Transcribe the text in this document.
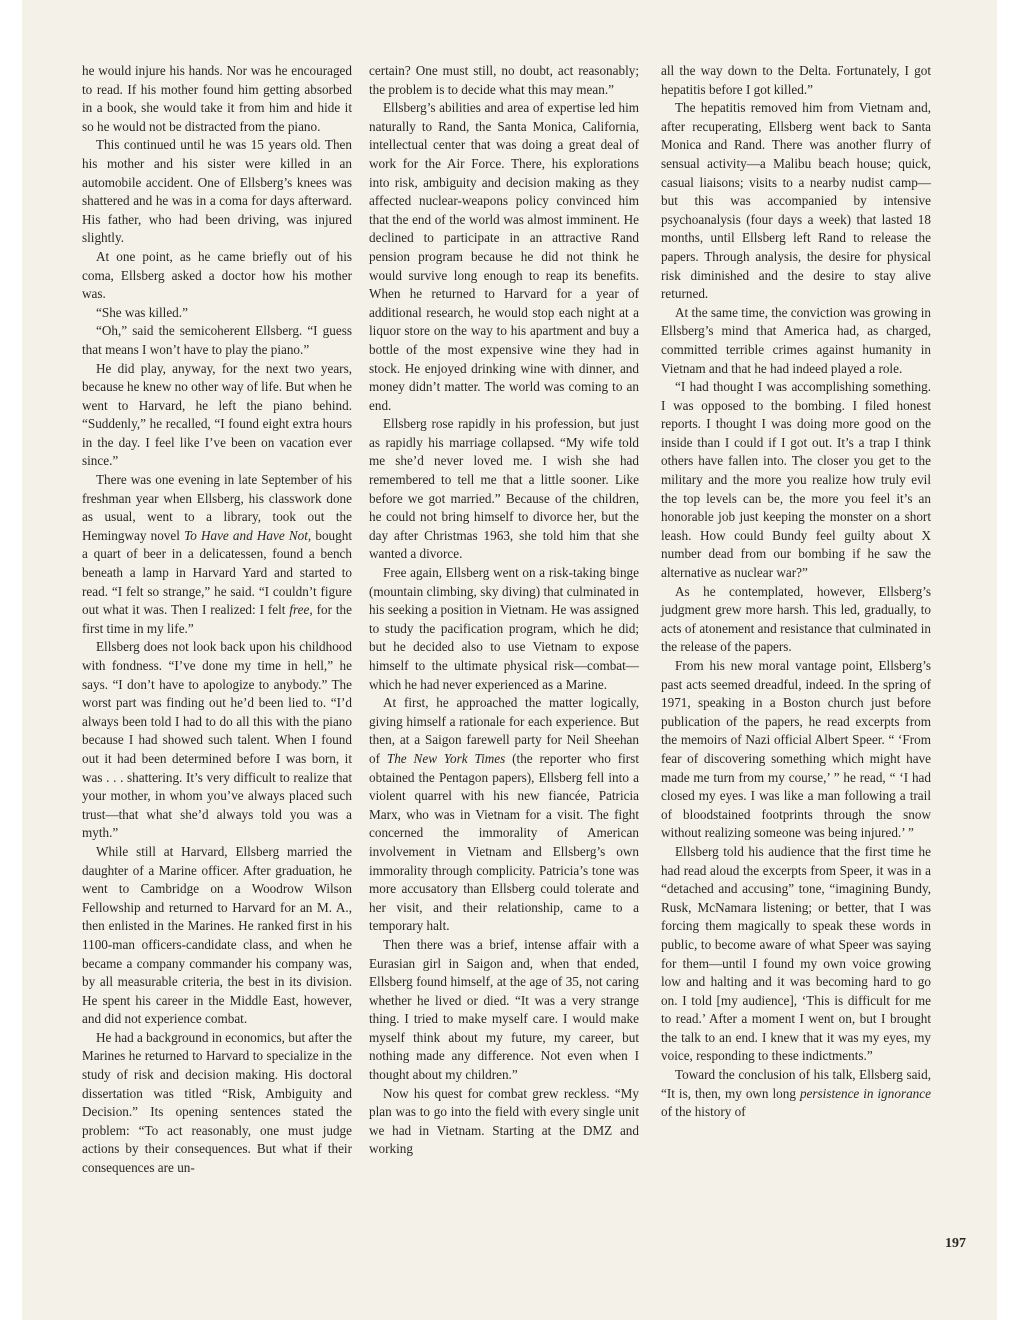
he would injure his hands. Nor was he encouraged to read. If his mother found him getting absorbed in a book, she would take it from him and hide it so he would not be distracted from the piano.

This continued until he was 15 years old. Then his mother and his sister were killed in an automobile accident. One of Ellsberg’s knees was shattered and he was in a coma for days afterward. His father, who had been driving, was injured slightly.

At one point, as he came briefly out of his coma, Ellsberg asked a doctor how his mother was.

“She was killed.”

“Oh,” said the semicoherent Ellsberg. “I guess that means I won’t have to play the piano.”

He did play, anyway, for the next two years, because he knew no other way of life. But when he went to Harvard, he left the piano behind. “Suddenly,” he recalled, “I found eight extra hours in the day. I feel like I’ve been on vacation ever since.”

There was one evening in late September of his freshman year when Ellsberg, his classwork done as usual, went to a library, took out the Hemingway novel To Have and Have Not, bought a quart of beer in a delicatessen, found a bench beneath a lamp in Harvard Yard and started to read. “I felt so strange,” he said. “I couldn’t figure out what it was. Then I realized: I felt free, for the first time in my life.”

Ellsberg does not look back upon his childhood with fondness. “I’ve done my time in hell,” he says. “I don’t have to apologize to anybody.” The worst part was finding out he’d been lied to. “I’d always been told I had to do all this with the piano because I had showed such talent. When I found out it had been determined before I was born, it was . . . shattering. It’s very difficult to realize that your mother, in whom you’ve always placed such trust—that what she’d always told you was a myth.”

While still at Harvard, Ellsberg married the daughter of a Marine officer. After graduation, he went to Cambridge on a Woodrow Wilson Fellowship and returned to Harvard for an M. A., then enlisted in the Marines. He ranked first in his 1100-man officers-candidate class, and when he became a company commander his company was, by all measurable criteria, the best in its division. He spent his career in the Middle East, however, and did not experience combat.

He had a background in economics, but after the Marines he returned to Harvard to specialize in the study of risk and decision making. His doctoral dissertation was titled “Risk, Ambiguity and Decision.” Its opening sentences stated the problem: “To act reasonably, one must judge actions by their consequences. But what if their consequences are un-

certain? One must still, no doubt, act reasonably; the problem is to decide what this may mean.”

Ellsberg’s abilities and area of expertise led him naturally to Rand, the Santa Monica, California, intellectual center that was doing a great deal of work for the Air Force. There, his explorations into risk, ambiguity and decision making as they affected nuclear-weapons policy convinced him that the end of the world was almost imminent. He declined to participate in an attractive Rand pension program because he did not think he would survive long enough to reap its benefits. When he returned to Harvard for a year of additional research, he would stop each night at a liquor store on the way to his apartment and buy a bottle of the most expensive wine they had in stock. He enjoyed drinking wine with dinner, and money didn’t matter. The world was coming to an end.

Ellsberg rose rapidly in his profession, but just as rapidly his marriage collapsed. “My wife told me she’d never loved me. I wish she had remembered to tell me that a little sooner. Like before we got married.” Because of the children, he could not bring himself to divorce her, but the day after Christmas 1963, she told him that she wanted a divorce.

Free again, Ellsberg went on a risk-taking binge (mountain climbing, sky diving) that culminated in his seeking a position in Vietnam. He was assigned to study the pacification program, which he did; but he decided also to use Vietnam to expose himself to the ultimate physical risk—combat—which he had never experienced as a Marine.

At first, he approached the matter logically, giving himself a rationale for each experience. But then, at a Saigon farewell party for Neil Sheehan of The New York Times (the reporter who first obtained the Pentagon papers), Ellsberg fell into a violent quarrel with his new fiancée, Patricia Marx, who was in Vietnam for a visit. The fight concerned the immorality of American involvement in Vietnam and Ellsberg’s own immorality through complicity. Patricia’s tone was more accusatory than Ellsberg could tolerate and her visit, and their relationship, came to a temporary halt.

Then there was a brief, intense affair with a Eurasian girl in Saigon and, when that ended, Ellsberg found himself, at the age of 35, not caring whether he lived or died. “It was a very strange thing. I tried to make myself care. I would make myself think about my future, my career, but nothing made any difference. Not even when I thought about my children.”

Now his quest for combat grew reckless. “My plan was to go into the field with every single unit we had in Vietnam. Starting at the DMZ and working

all the way down to the Delta. Fortunately, I got hepatitis before I got killed.”

The hepatitis removed him from Vietnam and, after recuperating, Ellsberg went back to Santa Monica and Rand. There was another flurry of sensual activity—a Malibu beach house; quick, casual liaisons; visits to a nearby nudist camp—but this was accompanied by intensive psychoanalysis (four days a week) that lasted 18 months, until Ellsberg left Rand to release the papers. Through analysis, the desire for physical risk diminished and the desire to stay alive returned.

At the same time, the conviction was growing in Ellsberg’s mind that America had, as charged, committed terrible crimes against humanity in Vietnam and that he had indeed played a role.

“I had thought I was accomplishing something. I was opposed to the bombing. I filed honest reports. I thought I was doing more good on the inside than I could if I got out. It’s a trap I think others have fallen into. The closer you get to the military and the more you realize how truly evil the top levels can be, the more you feel it’s an honorable job just keeping the monster on a short leash. How could Bundy feel guilty about X number dead from our bombing if he saw the alternative as nuclear war?”

As he contemplated, however, Ellsberg’s judgment grew more harsh. This led, gradually, to acts of atonement and resistance that culminated in the release of the papers.

From his new moral vantage point, Ellsberg’s past acts seemed dreadful, indeed. In the spring of 1971, speaking in a Boston church just before publication of the papers, he read excerpts from the memoirs of Nazi official Albert Speer. “ ‘From fear of discovering something which might have made me turn from my course,’ ” he read, “ ‘I had closed my eyes. I was like a man following a trail of bloodstained footprints through the snow without realizing someone was being injured.’ ”

Ellsberg told his audience that the first time he had read aloud the excerpts from Speer, it was in a “detached and accusing” tone, “imagining Bundy, Rusk, McNamara listening; or better, that I was forcing them magically to speak these words in public, to become aware of what Speer was saying for them—until I found my own voice growing low and halting and it was becoming hard to go on. I told [my audience], ‘This is difficult for me to read.’ After a moment I went on, but I brought the talk to an end. I knew that it was my eyes, my voice, responding to these indictments.”

Toward the conclusion of his talk, Ellsberg said, “It is, then, my own long persistence in ignorance of the history of

197
